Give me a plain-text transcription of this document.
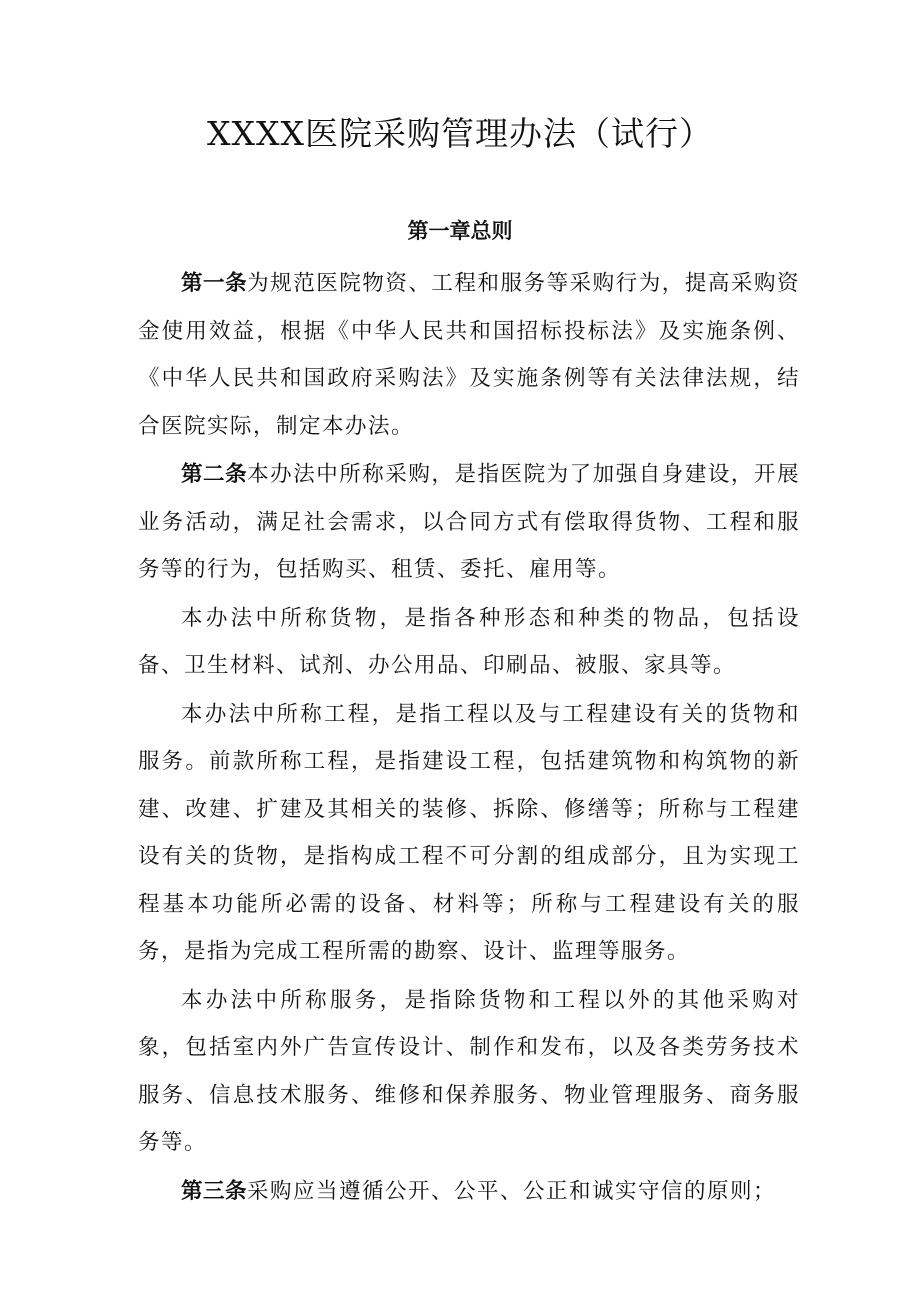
XXXX医院采购管理办法（试行）
第一章总则

第一条为规范医院物资、工程和服务等采购行为，提高采购资金使用效益，根据《中华人民共和国招标投标法》及实施条例、《中华人民共和国政府采购法》及实施条例等有关法律法规，结合医院实际，制定本办法。

第二条本办法中所称采购，是指医院为了加强自身建设，开展业务活动，满足社会需求，以合同方式有偿取得货物、工程和服务等的行为，包括购买、租赁、委托、雇用等。

本办法中所称货物，是指各种形态和种类的物品，包括设备、卫生材料、试剂、办公用品、印刷品、被服、家具等。

本办法中所称工程，是指工程以及与工程建设有关的货物和服务。前款所称工程，是指建设工程，包括建筑物和构筑物的新建、改建、扩建及其相关的装修、拆除、修缮等；所称与工程建设有关的货物，是指构成工程不可分割的组成部分，且为实现工程基本功能所必需的设备、材料等；所称与工程建设有关的服务，是指为完成工程所需的勘察、设计、监理等服务。

本办法中所称服务，是指除货物和工程以外的其他采购对象，包括室内外广告宣传设计、制作和发布，以及各类劳务技术服务、信息技术服务、维修和保养服务、物业管理服务、商务服务等。

第三条采购应当遵循公开、公平、公正和诚实守信的原则；
